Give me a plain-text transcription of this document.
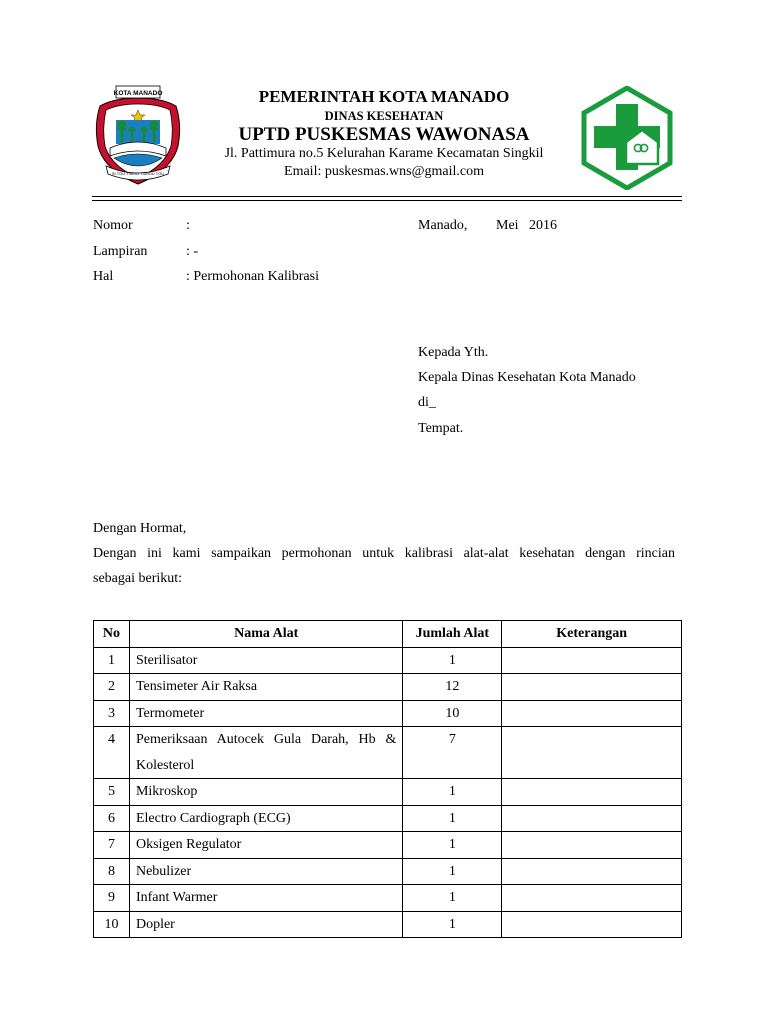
KOTA MANADO
SI TOU TIMOU TUMOU TOU
PEMERINTAH KOTA MANADO
DINAS KESEHATAN
UPTD PUSKESMAS WAWONASA
Jl. Pattimura no.5 Kelurahan Karame Kecamatan Singkil
Email: puskesmas.wns@gmail.com
Nomor	:
Lampiran	: -
Hal	: Permohonan Kalibrasi
Manado, Mei   2016
Kepada Yth.
Kepala Dinas Kesehatan Kota Manado
di_
Tempat.
Dengan Hormat,
Dengan ini kami sampaikan permohonan untuk kalibrasi alat-alat kesehatan dengan rincian
sebagai berikut:
No	Nama Alat	Jumlah Alat	Keterangan
1	Sterilisator	1	
2	Tensimeter Air Raksa	12	
3	Termometer	10	
4	Pemeriksaan Autocek Gula Darah, Hb & Kolesterol	7	
5	Mikroskop	1	
6	Electro Cardiograph (ECG)	1	
7	Oksigen Regulator	1	
8	Nebulizer	1	
9	Infant Warmer	1	
10	Dopler	1	
